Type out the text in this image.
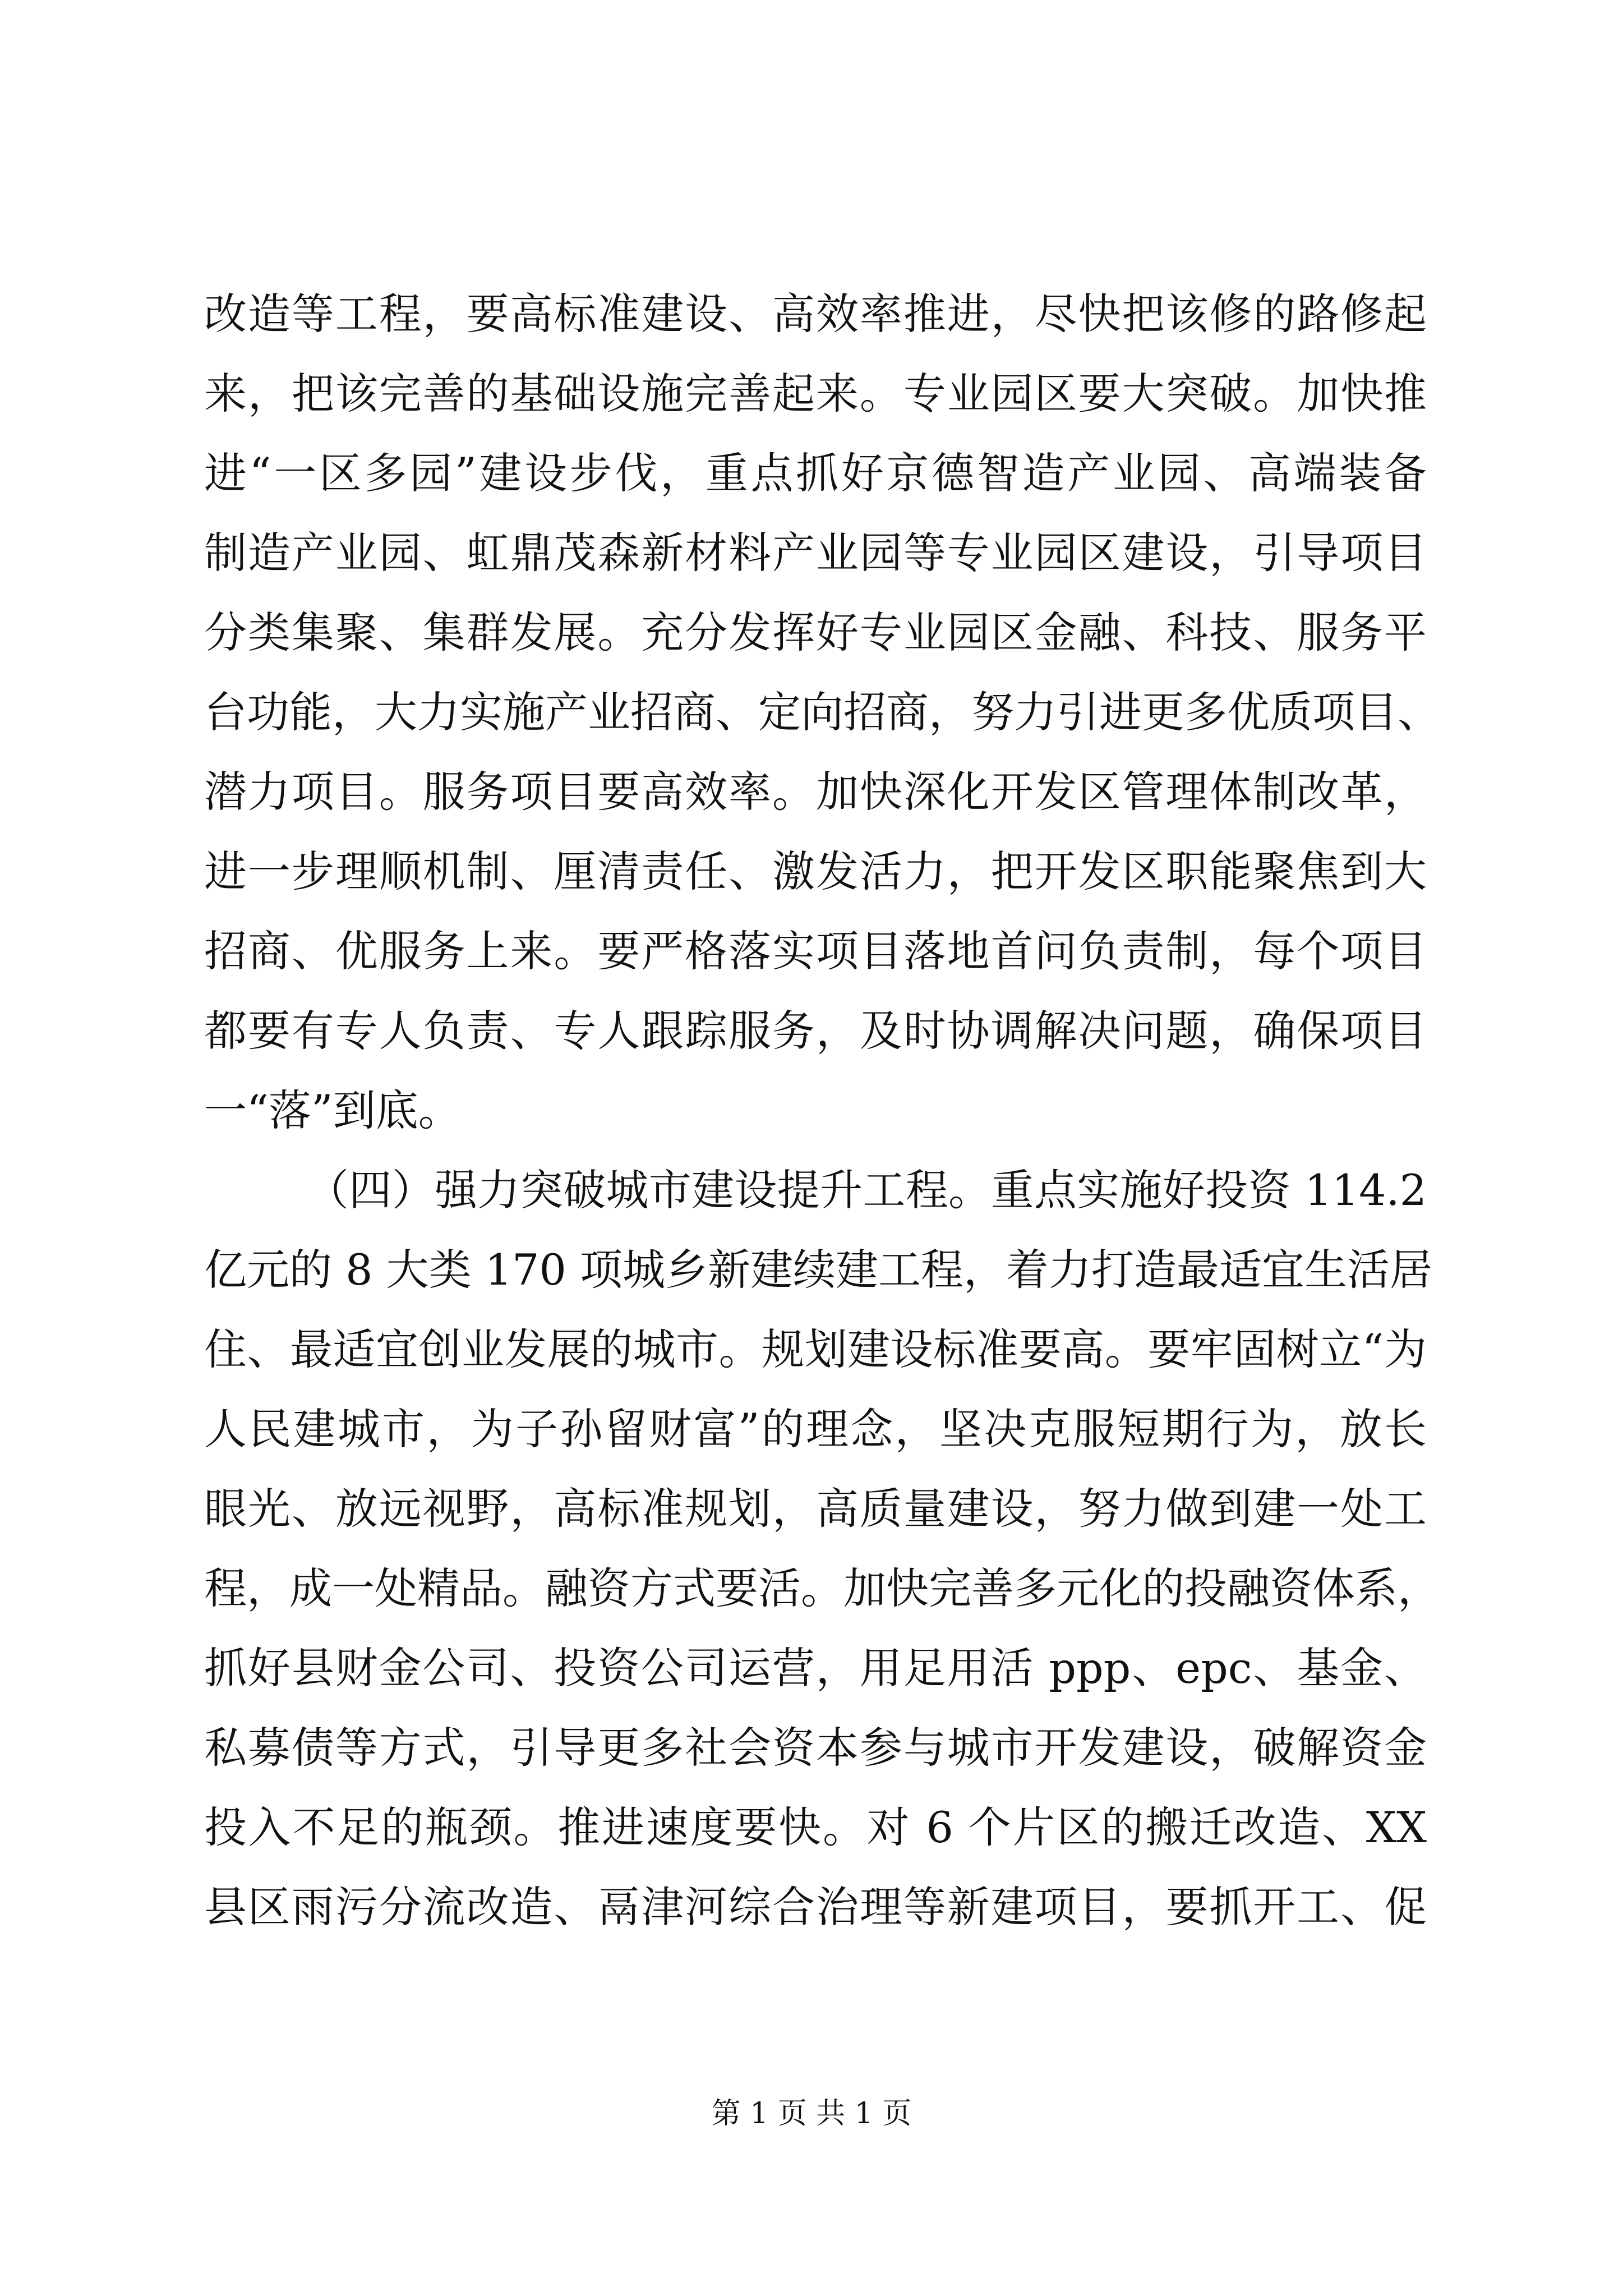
改造等工程，要高标准建设、高效率推进，尽快把该修的路修起
来，把该完善的基础设施完善起来。专业园区要大突破。加快推
进“一区多园”建设步伐，重点抓好京德智造产业园、高端装备
制造产业园、虹鼎茂森新材料产业园等专业园区建设，引导项目
分类集聚、集群发展。充分发挥好专业园区金融、科技、服务平
台功能，大力实施产业招商、定向招商，努力引进更多优质项目、
潜力项目。服务项目要高效率。加快深化开发区管理体制改革，
进一步理顺机制、厘清责任、激发活力，把开发区职能聚焦到大
招商、优服务上来。要严格落实项目落地首问负责制，每个项目
都要有专人负责、专人跟踪服务，及时协调解决问题，确保项目
一“落”到底。
（四）强力突破城市建设提升工程。重点实施好投资 114.2
亿元的 8 大类 170 项城乡新建续建工程，着力打造最适宜生活居
住、最适宜创业发展的城市。规划建设标准要高。要牢固树立“为
人民建城市，为子孙留财富”的理念，坚决克服短期行为，放长
眼光、放远视野，高标准规划，高质量建设，努力做到建一处工
程，成一处精品。融资方式要活。加快完善多元化的投融资体系，
抓好县财金公司、投资公司运营，用足用活 ppp、epc、基金、
私募债等方式，引导更多社会资本参与城市开发建设，破解资金
投入不足的瓶颈。推进速度要快。对 6 个片区的搬迁改造、XX
县区雨污分流改造、鬲津河综合治理等新建项目，要抓开工、促
第 1 页 共 1 页
